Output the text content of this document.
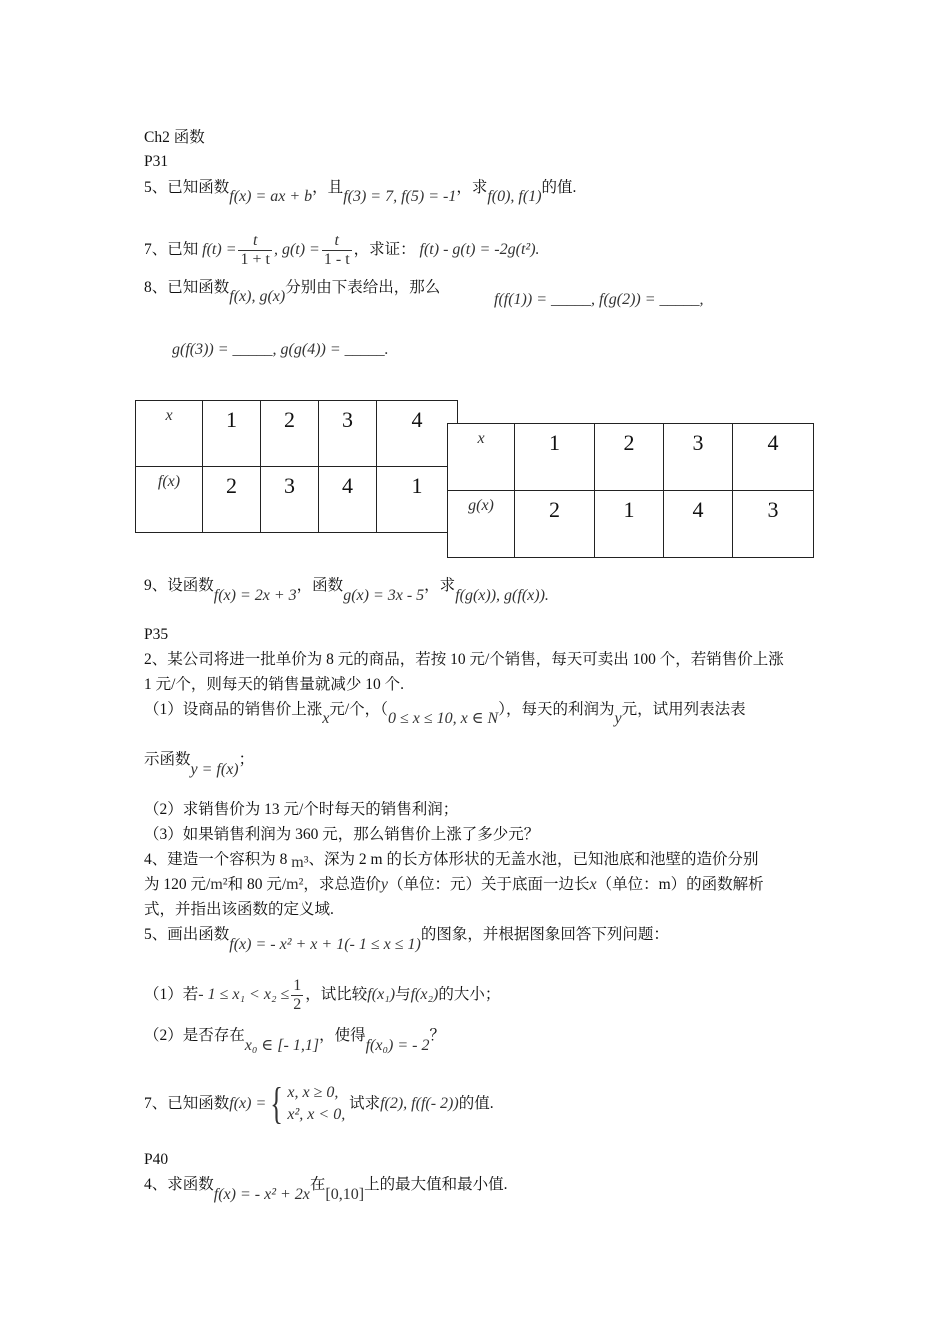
Ch2 函数
P31
5、已知函数f(x) = ax + b，且f(3) = 7, f(5) = -1，求f(0), f(1)的值.
7、已知 $f(t) = \frac{t}{1 + t}$ , $g(t) = \frac{t}{1 - t}$ ，求证： f(t) - g(t) = -2g(t²).
8、已知函数f(x), g(x)分别由下表给出，那么
f(f(1)) = _____, f(g(2)) = _____,
g(f(3)) = _____, g(g(4)) = _____.
x	1	2	3	4
f(x)	2	3	4	1
x	1	2	3	4
g(x)	2	1	4	3
9、设函数f(x) = 2x + 3，函数g(x) = 3x - 5，求f(g(x)), g(f(x)).
P35
2、某公司将进一批单价为 8 元的商品，若按 10 元/个销售，每天可卖出 100 个，若销售价上涨
1 元/个，则每天的销售量就减少 10 个.
（1）设商品的销售价上涨x元/个，（0 ≤ x ≤ 10, x ∈ N），每天的利润为y元，试用列表法表
示函数y = f(x)；
（2）求销售价为 13 元/个时每天的销售利润；
（3）如果销售利润为 360 元，那么销售价上涨了多少元？
4、建造一个容积为 8 m³、深为 2 m 的长方体形状的无盖水池，已知池底和池壁的造价分别
为 120 元/m²和 80 元/m²，求总造价y（单位：元）关于底面一边长x（单位：m）的函数解析
式，并指出该函数的定义域.
5、画出函数f(x) = - x² + x + 1(- 1 ≤ x ≤ 1)的图象，并根据图象回答下列问题：
（1）若- $1 \le x_1 < x_2 \le \frac{1}{2}$ ，试比较f(x₁)与f(x₂)的大小；
（2）是否存在x₀ ∈ [- 1,1]，使得f(x₀) = - 2？
7、已知函数f(x) ={ x, x ≥ 0,
x², x < 0,
试求f(2), f(f(- 2))的值.
P40
4、求函数f(x) = - x² + 2x在[0,10]上的最大值和最小值.
